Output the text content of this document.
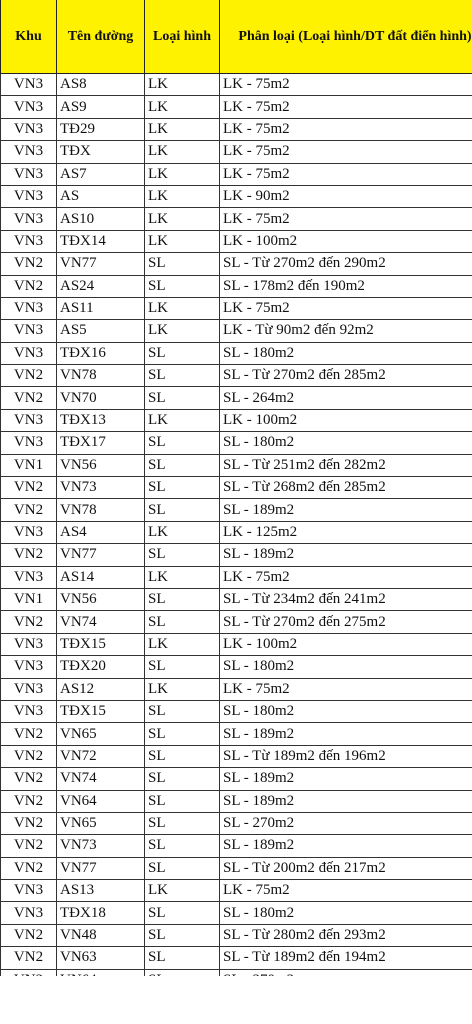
	Khu	Tên đường	Loại hình	Phân loại (Loại hình/DT đất điển hình)
	VN3	AS8	LK	LK - 75m2
	VN3	AS9	LK	LK - 75m2
	VN3	TĐ29	LK	LK - 75m2
	VN3	TĐX	LK	LK - 75m2
	VN3	AS7	LK	LK - 75m2
	VN3	AS	LK	LK - 90m2
	VN3	AS10	LK	LK - 75m2
	VN3	TĐX14	LK	LK - 100m2
	VN2	VN77	SL	SL - Từ 270m2 đến 290m2
	VN2	AS24	SL	SL - 178m2 đến 190m2
	VN3	AS11	LK	LK - 75m2
	VN3	AS5	LK	LK - Từ 90m2 đến 92m2
	VN3	TĐX16	SL	SL - 180m2
	VN2	VN78	SL	SL - Từ 270m2 đến 285m2
	VN2	VN70	SL	SL - 264m2
	VN3	TĐX13	LK	LK - 100m2
	VN3	TĐX17	SL	SL - 180m2
	VN1	VN56	SL	SL - Từ 251m2 đến 282m2
	VN2	VN73	SL	SL - Từ 268m2 đến 285m2
	VN2	VN78	SL	SL - 189m2
	VN3	AS4	LK	LK - 125m2
	VN2	VN77	SL	SL - 189m2
	VN3	AS14	LK	LK - 75m2
	VN1	VN56	SL	SL - Từ 234m2 đến 241m2
	VN2	VN74	SL	SL - Từ 270m2 đến 275m2
	VN3	TĐX15	LK	LK - 100m2
	VN3	TĐX20	SL	SL - 180m2
	VN3	AS12	LK	LK - 75m2
	VN3	TĐX15	SL	SL - 180m2
	VN2	VN65	SL	SL - 189m2
	VN2	VN72	SL	SL - Từ 189m2 đến 196m2
	VN2	VN74	SL	SL - 189m2
	VN2	VN64	SL	SL - 189m2
	VN2	VN65	SL	SL - 270m2
	VN2	VN73	SL	SL - 189m2
	VN2	VN77	SL	SL - Từ 200m2 đến 217m2
	VN3	AS13	LK	LK - 75m2
	VN3	TĐX18	SL	SL - 180m2
	VN2	VN48	SL	SL - Từ 280m2 đến 293m2
	VN2	VN63	SL	SL - Từ 189m2 đến 194m2
